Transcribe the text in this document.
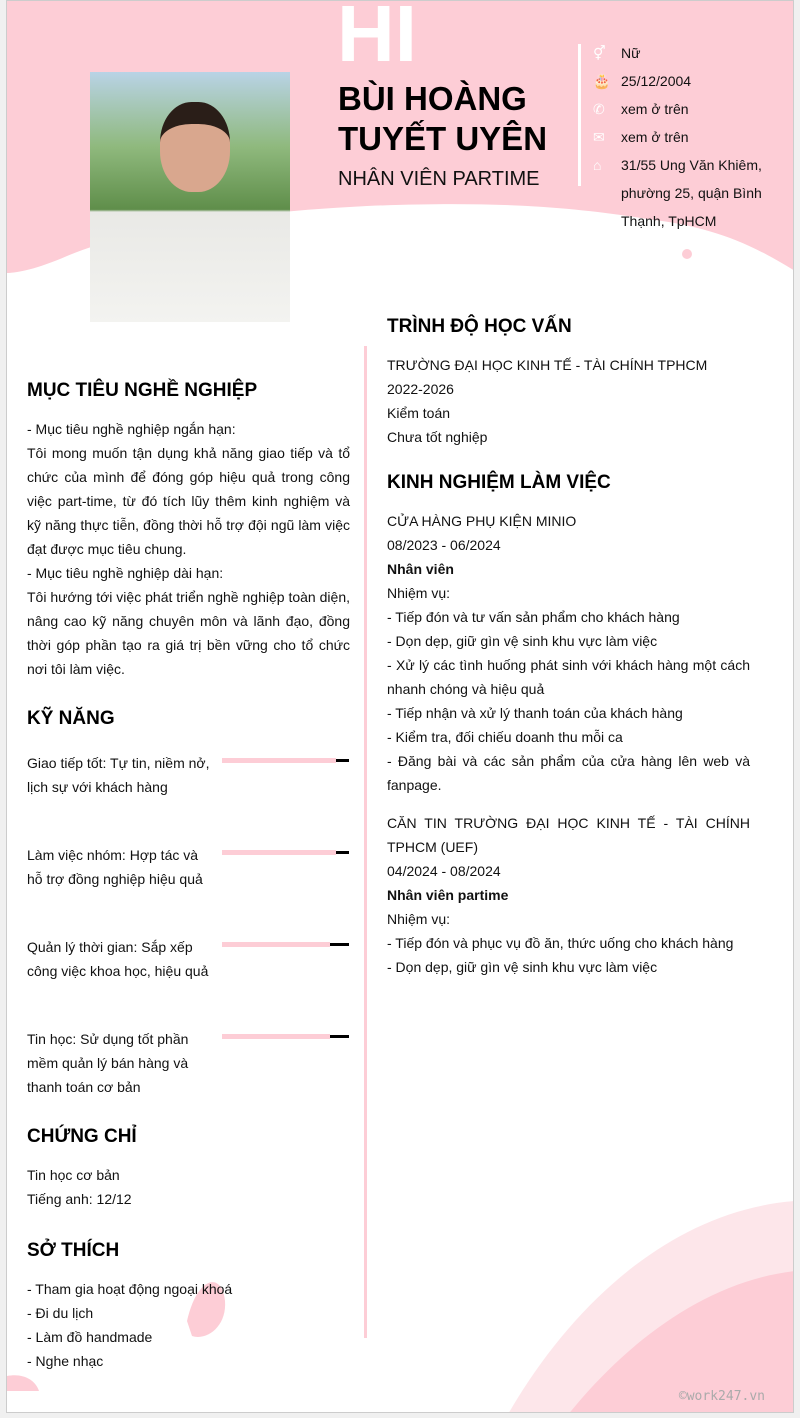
HI
BÙI HOÀNG
TUYẾT UYÊN
NHÂN VIÊN PARTIME
⚥	Nữ
🎂 25/12/2004
✆	xem ở trên
✉	xem ở trên
⌂	31/55 Ung Văn Khiêm, phường 25, quận Bình Thạnh, TpHCM
MỤC TIÊU NGHỀ NGHIỆP
- Mục tiêu nghề nghiệp ngắn hạn:
Tôi mong muốn tận dụng khả năng giao tiếp và tổ chức của mình để đóng góp hiệu quả trong công việc part-time, từ đó tích lũy thêm kinh nghiệm và kỹ năng thực tiễn, đồng thời hỗ trợ đội ngũ làm việc đạt được mục tiêu chung.
- Mục tiêu nghề nghiệp dài hạn:
Tôi hướng tới việc phát triển nghề nghiệp toàn diện, nâng cao kỹ năng chuyên môn và lãnh đạo, đồng thời góp phần tạo ra giá trị bền vững cho tổ chức nơi tôi làm việc.
KỸ NĂNG
Giao tiếp tốt: Tự tin, niềm nở, lịch sự với khách hàng
Làm việc nhóm: Hợp tác và hỗ trợ đồng nghiệp hiệu quả
Quản lý thời gian: Sắp xếp công việc khoa học, hiệu quả
Tin học: Sử dụng tốt phần mềm quản lý bán hàng và thanh toán cơ bản
CHỨNG CHỈ
Tin học cơ bản
Tiếng anh: 12/12
SỞ THÍCH
- Tham gia hoạt động ngoại khoá
- Đi du lịch
- Làm đồ handmade
- Nghe nhạc
TRÌNH ĐỘ HỌC VẤN
TRƯỜNG ĐẠI HỌC KINH TẾ - TÀI CHÍNH TPHCM
2022-2026
Kiểm toán
Chưa tốt nghiệp
KINH NGHIỆM LÀM VIỆC
CỬA HÀNG PHỤ KIỆN MINIO
08/2023 - 06/2024
Nhân viên
Nhiệm vụ:
- Tiếp đón và tư vấn sản phẩm cho khách hàng
- Dọn dẹp, giữ gìn vệ sinh khu vực làm việc
- Xử lý các tình huống phát sinh với khách hàng một cách nhanh chóng và hiệu quả
- Tiếp nhận và xử lý thanh toán của khách hàng
- Kiểm tra, đối chiếu doanh thu mỗi ca
- Đăng bài và các sản phẩm của cửa hàng lên web và fanpage.
CĂN TIN TRƯỜNG ĐẠI HỌC KINH TẾ - TÀI CHÍNH TPHCM (UEF)
04/2024 - 08/2024
Nhân viên partime
Nhiệm vụ:
- Tiếp đón và phục vụ đồ ăn, thức uống cho khách hàng
- Dọn dẹp, giữ gìn vệ sinh khu vực làm việc
©work247.vn
